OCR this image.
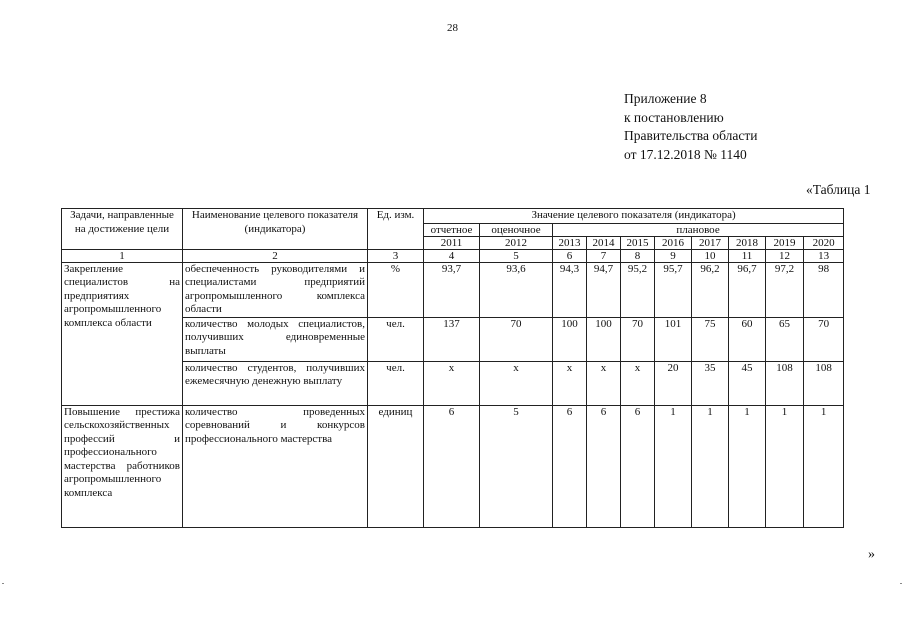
28
Приложение 8
к постановлению
Правительства области
от 17.12.2018 № 1140
«Таблица 1
Задачи, направленные на достижение цели	Наименование целевого показателя (индикатора)	Ед. изм.	Значение целевого показателя (индикатора)									
			отчетное	оценочное	плановое							
			2011	2012	2013	2014	2015	2016	2017	2018	2019	2020
1	2	3	4	5	6	7	8	9	10	11	12	13
Закрепление специалистов на предприятиях агропромышленного комплекса области	обеспеченность руководителями и специалистами предприятий агропромышленного комплекса области	%	93,7	93,6	94,3	94,7	95,2	95,7	96,2	96,7	97,2	98
	количество молодых специалистов, получивших единовременные выплаты	чел.	137	70	100	100	70	101	75	60	65	70
	количество студентов, получивших ежемесячную денежную выплату	чел.	х	х	х	х	х	20	35	45	108	108
Повышение престижа сельскохозяйственных профессий и профессионального мастерства работников агропромышленного комплекса	количество проведенных соревнований и конкурсов профессионального мастерства	единиц	6	5	6	6	6	1	1	1	1	1
»
